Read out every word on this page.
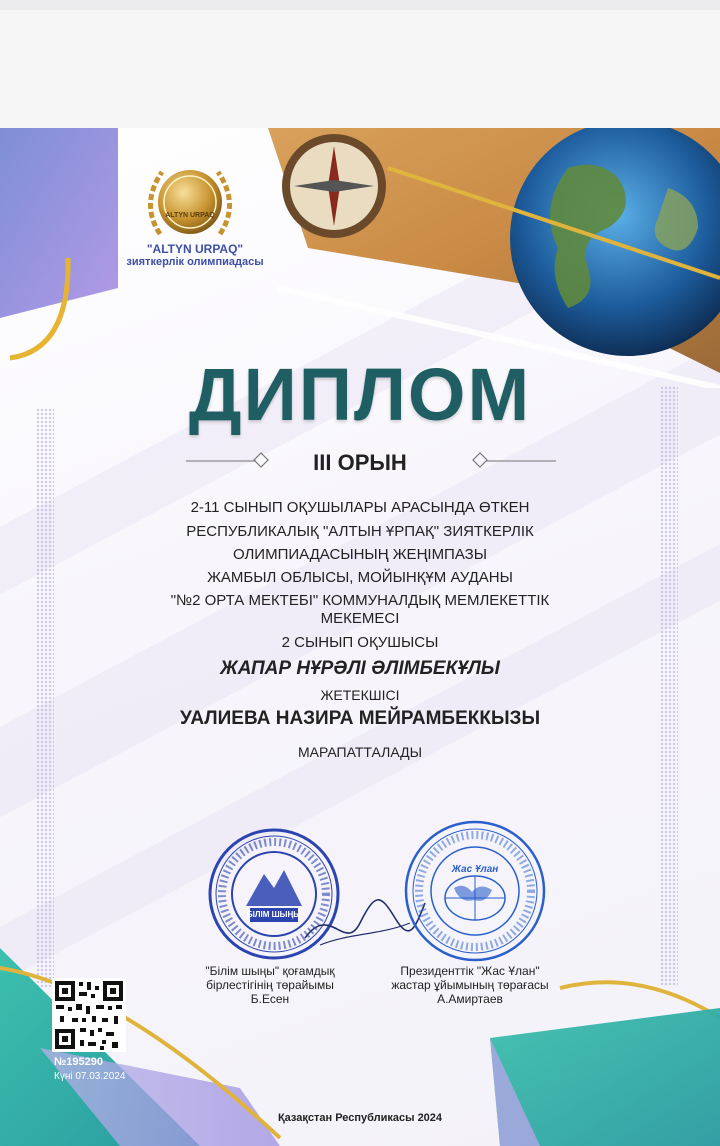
ALTYN URPAQ
"ALTYN URPAQ"
зияткерлік олимпиадасы
ДИПЛОМ
III ОРЫН
2-11 СЫНЫП ОҚУШЫЛАРЫ АРАСЫНДА ӨТКЕН
РЕСПУБЛИКАЛЫҚ "АЛТЫН ҰРПАҚ" ЗИЯТКЕРЛІК
ОЛИМПИАДАСЫНЫҢ ЖЕҢІМПАЗЫ
ЖАМБЫЛ ОБЛЫСЫ, МОЙЫНҚҰМ АУДАНЫ
"№2 ОРТА МЕКТЕБІ" КОММУНАЛДЫҚ МЕМЛЕКЕТТІК
МЕКЕМЕСІ
2 СЫНЫП ОҚУШЫСЫ
ЖАПАР НҰРӘЛІ ӘЛІМБЕКҰЛЫ
ЖЕТЕКШІСІ
УАЛИЕВА НАЗИРА МЕЙРАМБЕККЫЗЫ
МАРАПАТТАЛАДЫ
БІЛІМ ШЫҢЫ
Жас Ұлан
"Білім шыңы" қоғамдық
бірлестігінің төрайымы
Б.Есен
Президенттік "Жас Ұлан"
жастар ұйымының төрағасы
А.Амиртаев
№195290
Күні 07.03.2024
Қазақстан Республикасы 2024
